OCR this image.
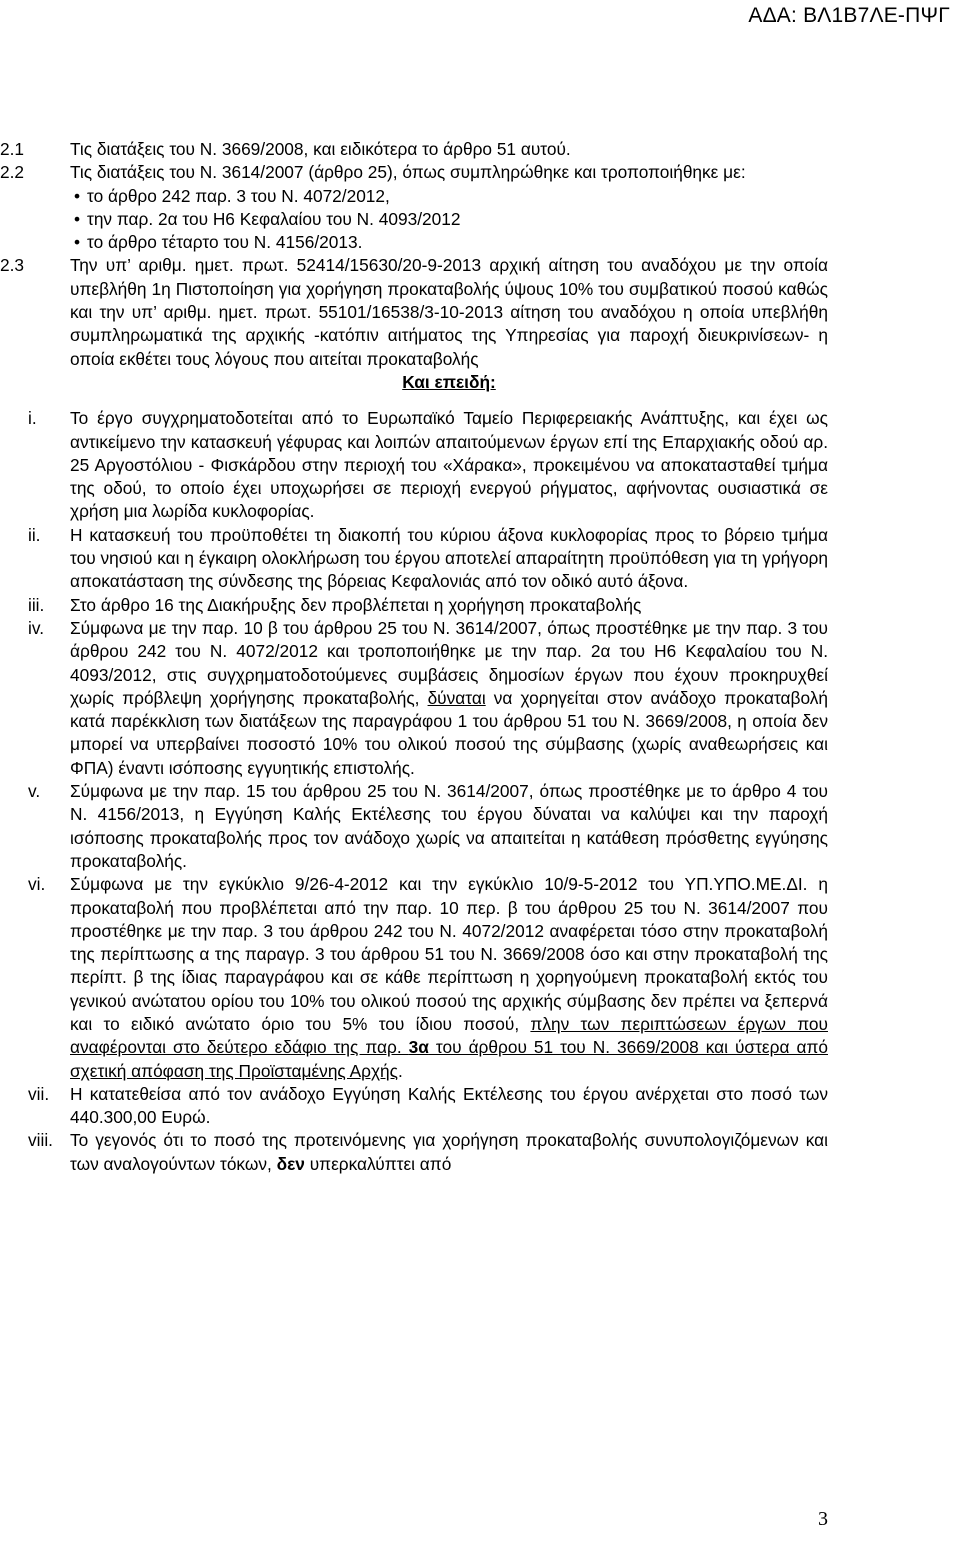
ΑΔΑ: ΒΛ1Β7ΛΕ-ΠΨΓ
2.1	Τις διατάξεις του Ν. 3669/2008, και ειδικότερα το άρθρο 51 αυτού.
2.2	Τις διατάξεις του Ν. 3614/2007 (άρθρο 25), όπως συμπληρώθηκε και τροποποιήθηκε με:
• το άρθρο 242 παρ. 3 του Ν. 4072/2012,
• την παρ. 2α του Η6 Κεφαλαίου του Ν. 4093/2012
• το άρθρο τέταρτο του Ν. 4156/2013.
2.3	Την υπ’ αριθμ. ημετ. πρωτ. 52414/15630/20-9-2013 αρχική αίτηση του αναδόχου με την οποία υπεβλήθη 1η Πιστοποίηση για χορήγηση προκαταβολής ύψους 10% του συμβατικού ποσού καθώς και την υπ’ αριθμ. ημετ. πρωτ. 55101/16538/3-10-2013 αίτηση του αναδόχου η οποία υπεβλήθη συμπληρωματικά της αρχικής -κατόπιν αιτήματος της Υπηρεσίας για παροχή διευκρινίσεων- η οποία εκθέτει τους λόγους που αιτείται προκαταβολής
Και επειδή:
i. Το έργο συγχρηματοδοτείται από το Ευρωπαϊκό Ταμείο Περιφερειακής Ανάπτυξης, και έχει ως αντικείμενο την κατασκευή γέφυρας και λοιπών απαιτούμενων έργων επί της Επαρχιακής οδού αρ. 25 Αργοστόλιου - Φισκάρδου στην περιοχή του «Χάρακα», προκειμένου να αποκατασταθεί τμήμα της οδού, το οποίο έχει υποχωρήσει σε περιοχή ενεργού ρήγματος, αφήνοντας ουσιαστικά σε χρήση μια λωρίδα κυκλοφορίας.
ii. Η κατασκευή του προϋποθέτει τη διακοπή του κύριου άξονα κυκλοφορίας προς το βόρειο τμήμα του νησιού και η έγκαιρη ολοκλήρωση του έργου αποτελεί απαραίτητη προϋπόθεση για τη γρήγορη αποκατάσταση της σύνδεσης της βόρειας Κεφαλονιάς από τον οδικό αυτό άξονα.
iii. Στο άρθρο 16 της Διακήρυξης δεν προβλέπεται η χορήγηση προκαταβολής
iv. Σύμφωνα με την παρ. 10 β του άρθρου 25 του Ν. 3614/2007, όπως προστέθηκε με την παρ. 3 του άρθρου 242 του Ν. 4072/2012 και τροποποιήθηκε με την παρ. 2α του Η6 Κεφαλαίου του Ν. 4093/2012, στις συγχρηματοδοτούμενες συμβάσεις δημοσίων έργων που έχουν προκηρυχθεί χωρίς πρόβλεψη χορήγησης προκαταβολής, δύναται να χορηγείται στον ανάδοχο προκαταβολή κατά παρέκκλιση των διατάξεων της παραγράφου 1 του άρθρου 51 του Ν. 3669/2008, η οποία δεν μπορεί να υπερβαίνει ποσοστό 10% του ολικού ποσού της σύμβασης (χωρίς αναθεωρήσεις και ΦΠΑ) έναντι ισόποσης εγγυητικής επιστολής.
v. Σύμφωνα με την παρ. 15 του άρθρου 25 του Ν. 3614/2007, όπως προστέθηκε με το άρθρο 4 του Ν. 4156/2013, η Εγγύηση Καλής Εκτέλεσης του έργου δύναται να καλύψει και την παροχή ισόποσης προκαταβολής προς τον ανάδοχο χωρίς να απαιτείται η κατάθεση πρόσθετης εγγύησης προκαταβολής.
vi. Σύμφωνα με την εγκύκλιο 9/26-4-2012 και την εγκύκλιο 10/9-5-2012 του ΥΠ.ΥΠΟ.ΜΕ.ΔΙ. η προκαταβολή που προβλέπεται από την παρ. 10 περ. β του άρθρου 25 του Ν. 3614/2007 που προστέθηκε με την παρ. 3 του άρθρου 242 του Ν. 4072/2012 αναφέρεται τόσο στην προκαταβολή της περίπτωσης α της παραγρ. 3 του άρθρου 51 του Ν. 3669/2008 όσο και στην προκαταβολή της περίπτ. β της ίδιας παραγράφου και σε κάθε περίπτωση η χορηγούμενη προκαταβολή εκτός του γενικού ανώτατου ορίου του 10% του ολικού ποσού της αρχικής σύμβασης δεν πρέπει να ξεπερνά και το ειδικό ανώτατο όριο του 5% του ίδιου ποσού, πλην των περιπτώσεων έργων που αναφέρονται στο δεύτερο εδάφιο της παρ. 3α του άρθρου 51 του Ν. 3669/2008 και ύστερα από σχετική απόφαση της Προϊσταμένης Αρχής.
vii. Η κατατεθείσα από τον ανάδοχο Εγγύηση Καλής Εκτέλεσης του έργου ανέρχεται στο ποσό των 440.300,00 Ευρώ.
viii. Το γεγονός ότι το ποσό της προτεινόμενης για χορήγηση προκαταβολής συνυπολογιζόμενων και των αναλογούντων τόκων, δεν υπερκαλύπτει από
3
